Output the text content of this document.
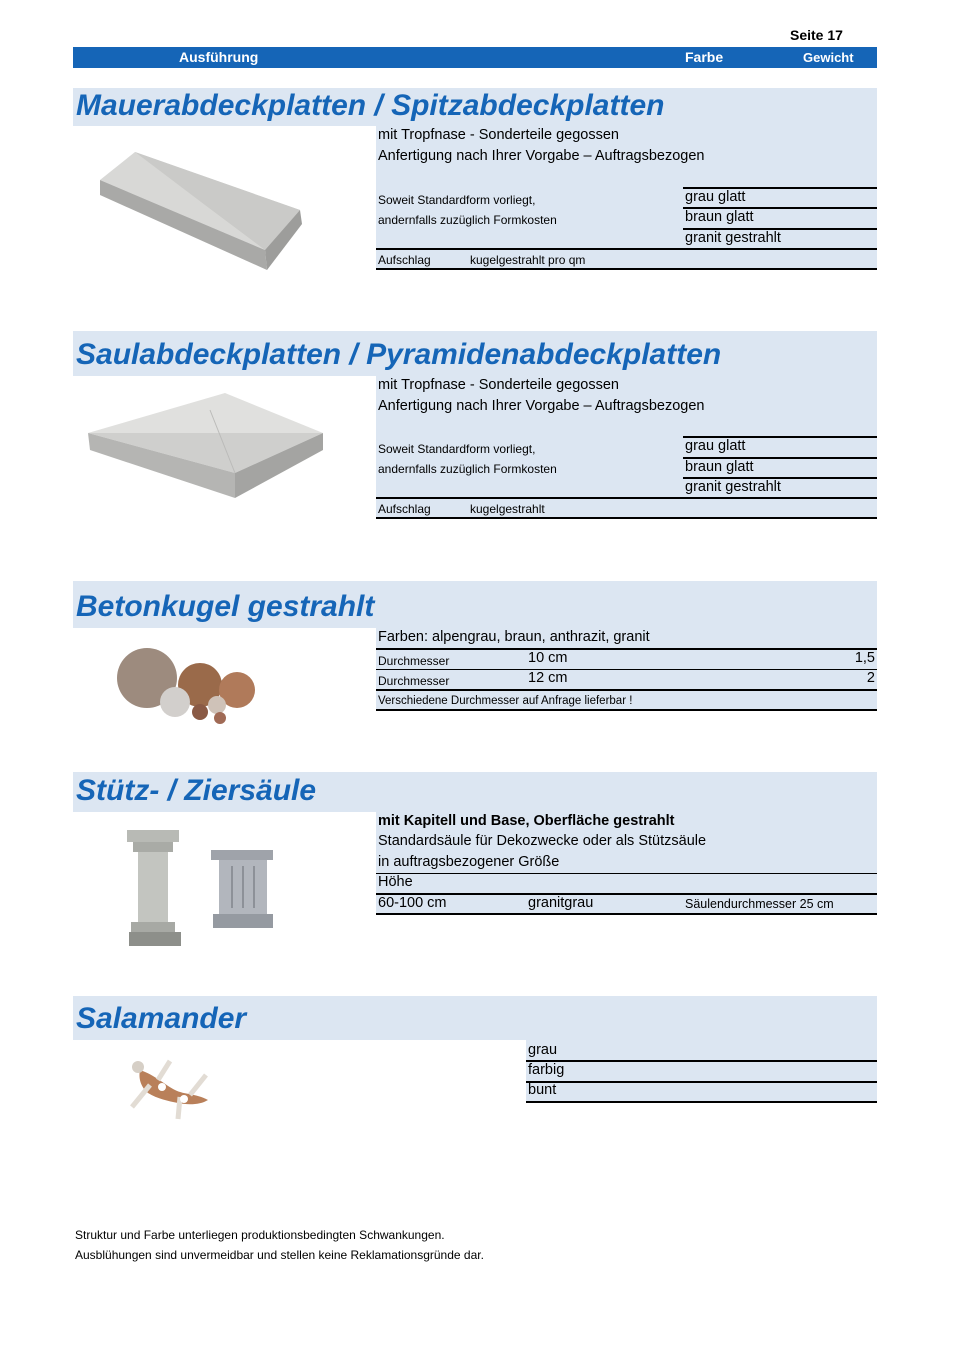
Seite 17
Ausführung	Farbe	Gewicht
Mauerabdeckplatten / Spitzabdeckplatten
mit Tropfnase - Sonderteile gegossen
Anfertigung nach Ihrer Vorgabe – Auftragsbezogen
Soweit Standardform vorliegt,
andernfalls zuzüglich Formkosten
grau glatt
braun glatt
granit gestrahlt
Aufschlag	kugelgestrahlt pro qm
Saulabdeckplatten / Pyramidenabdeckplatten
mit Tropfnase - Sonderteile gegossen
Anfertigung nach Ihrer Vorgabe – Auftragsbezogen
Soweit Standardform vorliegt,
andernfalls zuzüglich Formkosten
grau glatt
braun glatt
granit gestrahlt
Aufschlag	kugelgestrahlt
Betonkugel gestrahlt
Farben: alpengrau, braun, anthrazit, granit
Durchmesser	10 cm	1,5
Durchmesser	12 cm	2
Verschiedene Durchmesser auf Anfrage lieferbar !
Stütz- / Ziersäule
mit Kapitell und Base, Oberfläche gestrahlt
Standardsäule für Dekozwecke oder als Stützsäule
in auftragsbezogener Größe
Höhe
60-100 cm	granitgrau	Säulendurchmesser 25 cm
Salamander
grau
farbig
bunt
Struktur und Farbe unterliegen produktionsbedingten Schwankungen.
Ausblühungen sind unvermeidbar und stellen keine Reklamationsgründe dar.
